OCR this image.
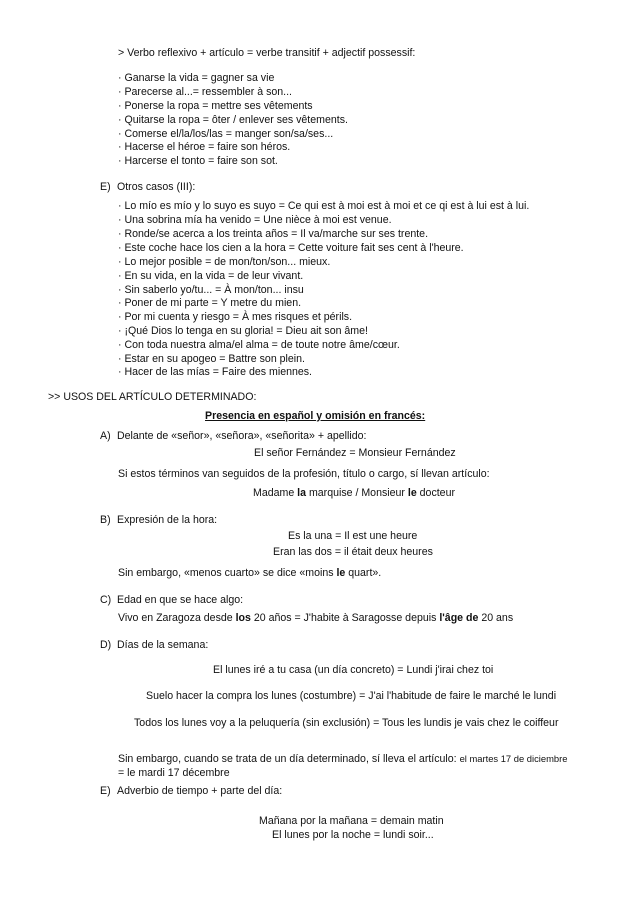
> Verbo reflexivo + artículo = verbe transitif + adjectif possessif:
· Ganarse la vida = gagner sa vie
· Parecerse al...= ressembler à son...
· Ponerse la ropa = mettre ses vêtements
· Quitarse la ropa = ôter / enlever ses vêtements.
· Comerse el/la/los/las = manger son/sa/ses...
· Hacerse el héroe = faire son héros.
· Harcerse el tonto = faire son sot.
E) Otros casos (III):
· Lo mío es mío y lo suyo es suyo = Ce qui est à moi est à moi et ce qi est à lui est à lui.
· Una sobrina mía ha venido = Une nièce à moi est venue.
· Ronde/se acerca a los treinta años = Il va/marche sur ses trente.
· Este coche hace los cien a la hora = Cette voiture fait ses cent à l'heure.
· Lo mejor posible = de mon/ton/son... mieux.
· En su vida, en la vida = de leur vivant.
· Sin saberlo yo/tu... = À mon/ton... insu
· Poner de mi parte = Y metre du mien.
· Por mi cuenta y riesgo = À mes risques et périls.
· ¡Qué Dios lo tenga en su gloria! = Dieu ait son âme!
· Con toda nuestra alma/el alma = de toute notre âme/cœur.
· Estar en su apogeo = Battre son plein.
· Hacer de las mías = Faire des miennes.
>> USOS DEL ARTÍCULO DETERMINADO:
Presencia en español y omisión en francés:
A) Delante de «señor», «señora», «señorita» + apellido:
El señor Fernández = Monsieur Fernández
Si estos términos van seguidos de la profesión, título o cargo, sí llevan artículo:
Madame la marquise / Monsieur le docteur
B) Expresión de la hora:
Es la una = Il est une heure
Eran las dos = il était deux heures
Sin embargo, «menos cuarto» se dice «moins le quart».
C) Edad en que se hace algo:
Vivo en Zaragoza desde los 20 años = J'habite à Saragosse depuis l'âge de 20 ans
D) Días de la semana:
El lunes iré a tu casa (un día concreto) = Lundi j'irai chez toi
Suelo hacer la compra los lunes (costumbre) = J'ai l'habitude de faire le marché le lundi
Todos los lunes voy a la peluquería (sin exclusión) = Tous les lundis je vais chez le coiffeur
Sin embargo, cuando se trata de un día determinado, sí lleva el artículo: el martes 17 de diciembre
= le mardi 17 décembre
E) Adverbio de tiempo + parte del día:
Mañana por la mañana = demain matin
El lunes por la noche = lundi soir...
